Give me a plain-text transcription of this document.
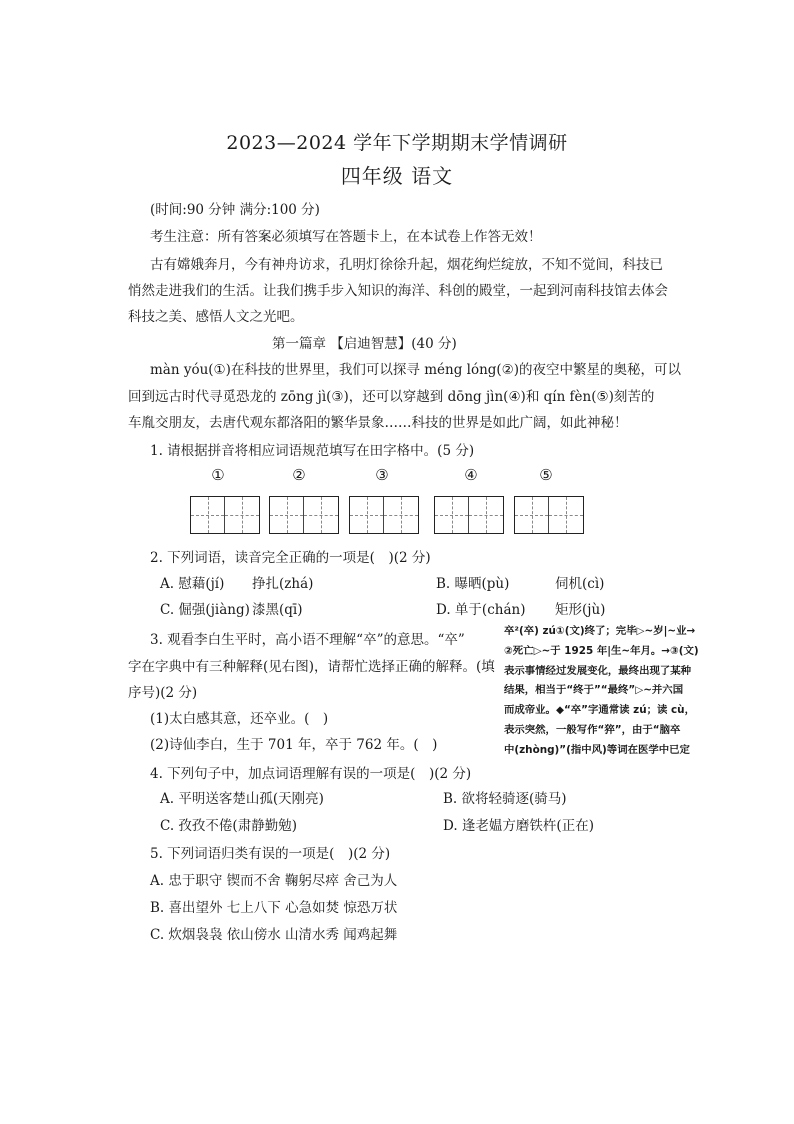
2023—2024 学年下学期期末学情调研
四年级 语文
(时间:90 分钟 满分:100 分)
考生注意：所有答案必须填写在答题卡上，在本试卷上作答无效！
古有嫦娥奔月，今有神舟访求，孔明灯徐徐升起，烟花绚烂绽放，不知不觉间，科技已
悄然走进我们的生活。让我们携手步入知识的海洋、科创的殿堂，一起到河南科技馆去体会
科技之美、感悟人文之光吧。
第一篇章 【启迪智慧】(40 分)
màn yóu(①)在科技的世界里，我们可以探寻 méng lóng(②)的夜空中繁星的奥秘，可以
回到远古时代寻觅恐龙的 zōng jì(③)，还可以穿越到 dōng jìn(④)和 qín fèn(⑤)刻苦的
车胤交朋友，去唐代观东都洛阳的繁华景象……科技的世界是如此广阔，如此神秘！
1. 请根据拼音将相应词语规范填写在田字格中。(5 分)
①	②	③	④	⑤
2. 下列词语，读音完全正确的一项是(　)(2 分)
A. 慰藉(jí) 挣扎(zhá)	B. 曝晒(pù)	伺机(cì)
C. 倔强(jiàng) 漆黑(qī)	D. 单于(chán) 矩形(jù)
3. 观看李白生平时，高小语不理解“卒”的意思。“卒”
字在字典中有三种解释(见右图)，请帮忙选择正确的解释。(填
序号)(2 分)
(1)太白感其意，还卒业。(　)
(2)诗仙李白，生于 701 年，卒于 762 年。(　)
卒²(卒) zú①(文)终了；完毕▷~岁|~业→
②死亡▷~于 1925 年|生~年月。→③(文)
表示事情经过发展变化，最终出现了某种
结果，相当于“终于”“最终”▷~并六国
而成帝业。◆“卒”字通常读 zú；读 cù，
表示突然，一般写作“猝”，由于“脑卒
中(zhòng)”(指中风)等词在医学中已定
4. 下列句子中，加点词语理解有误的一项是(　)(2 分)
A. 平明送客楚山孤(天刚亮)	B. 欲将轻骑逐(骑马)
C. 孜孜不倦(肃静勤勉)	D. 逢老媪方磨铁杵(正在)
5. 下列词语归类有误的一项是(　)(2 分)
A. 忠于职守 锲而不舍 鞠躬尽瘁 舍己为人
B. 喜出望外 七上八下 心急如焚 惊恐万状
C. 炊烟袅袅 依山傍水 山清水秀 闻鸡起舞
